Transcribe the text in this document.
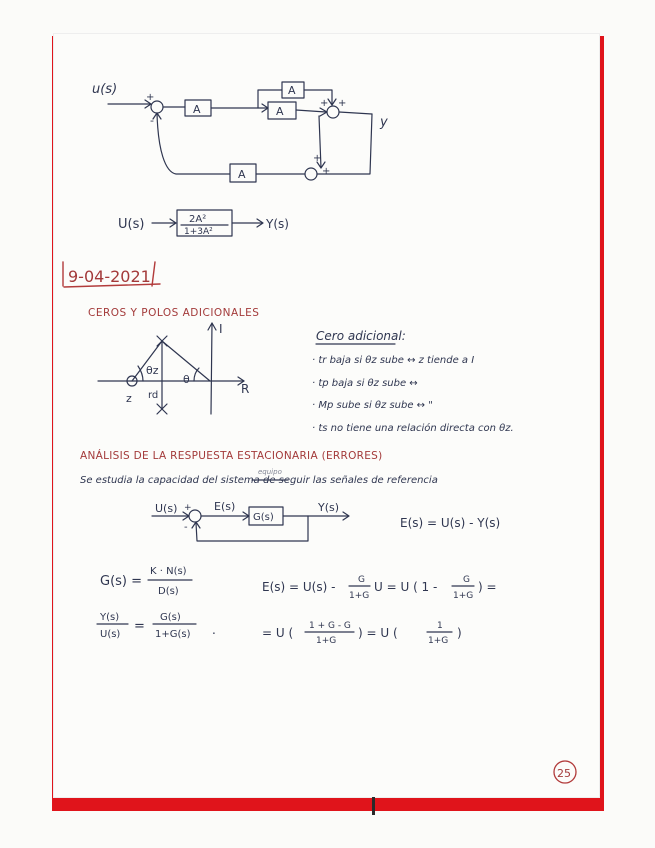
u(s)
+
-
A	A
A
+
+
y
+
+
A
U(s)	2A²
1+3A²
Y(s)
9-04-2021
CEROS Y POLOS ADICIONALES
I
R
z
θz
θ
rd
Cero adicional:
· tr baja si θz sube ↔ z tiende a I
· tp baja si θz sube ↔
· Mp sube si θz sube ↔ "
· ts no tiene una relación directa con θz.
ANÁLISIS DE LA RESPUESTA ESTACIONARIA (ERRORES)
Se estudia la capacidad del sistema de seguir las señales de referencia
equipo
U(s) +
-
E(s)
G(s)
Y(s)
E(s) = U(s) - Y(s)
G(s) =
K · N(s)
D(s)	E(s) = U(s) -	G
1+G
U = U ( 1 -	G
1+G
) =
Y(s)
U(s)
=
G(s)
1+G(s) .	= U ( 1 + G - G
1+G
) = U (	1
1+G
)
25
